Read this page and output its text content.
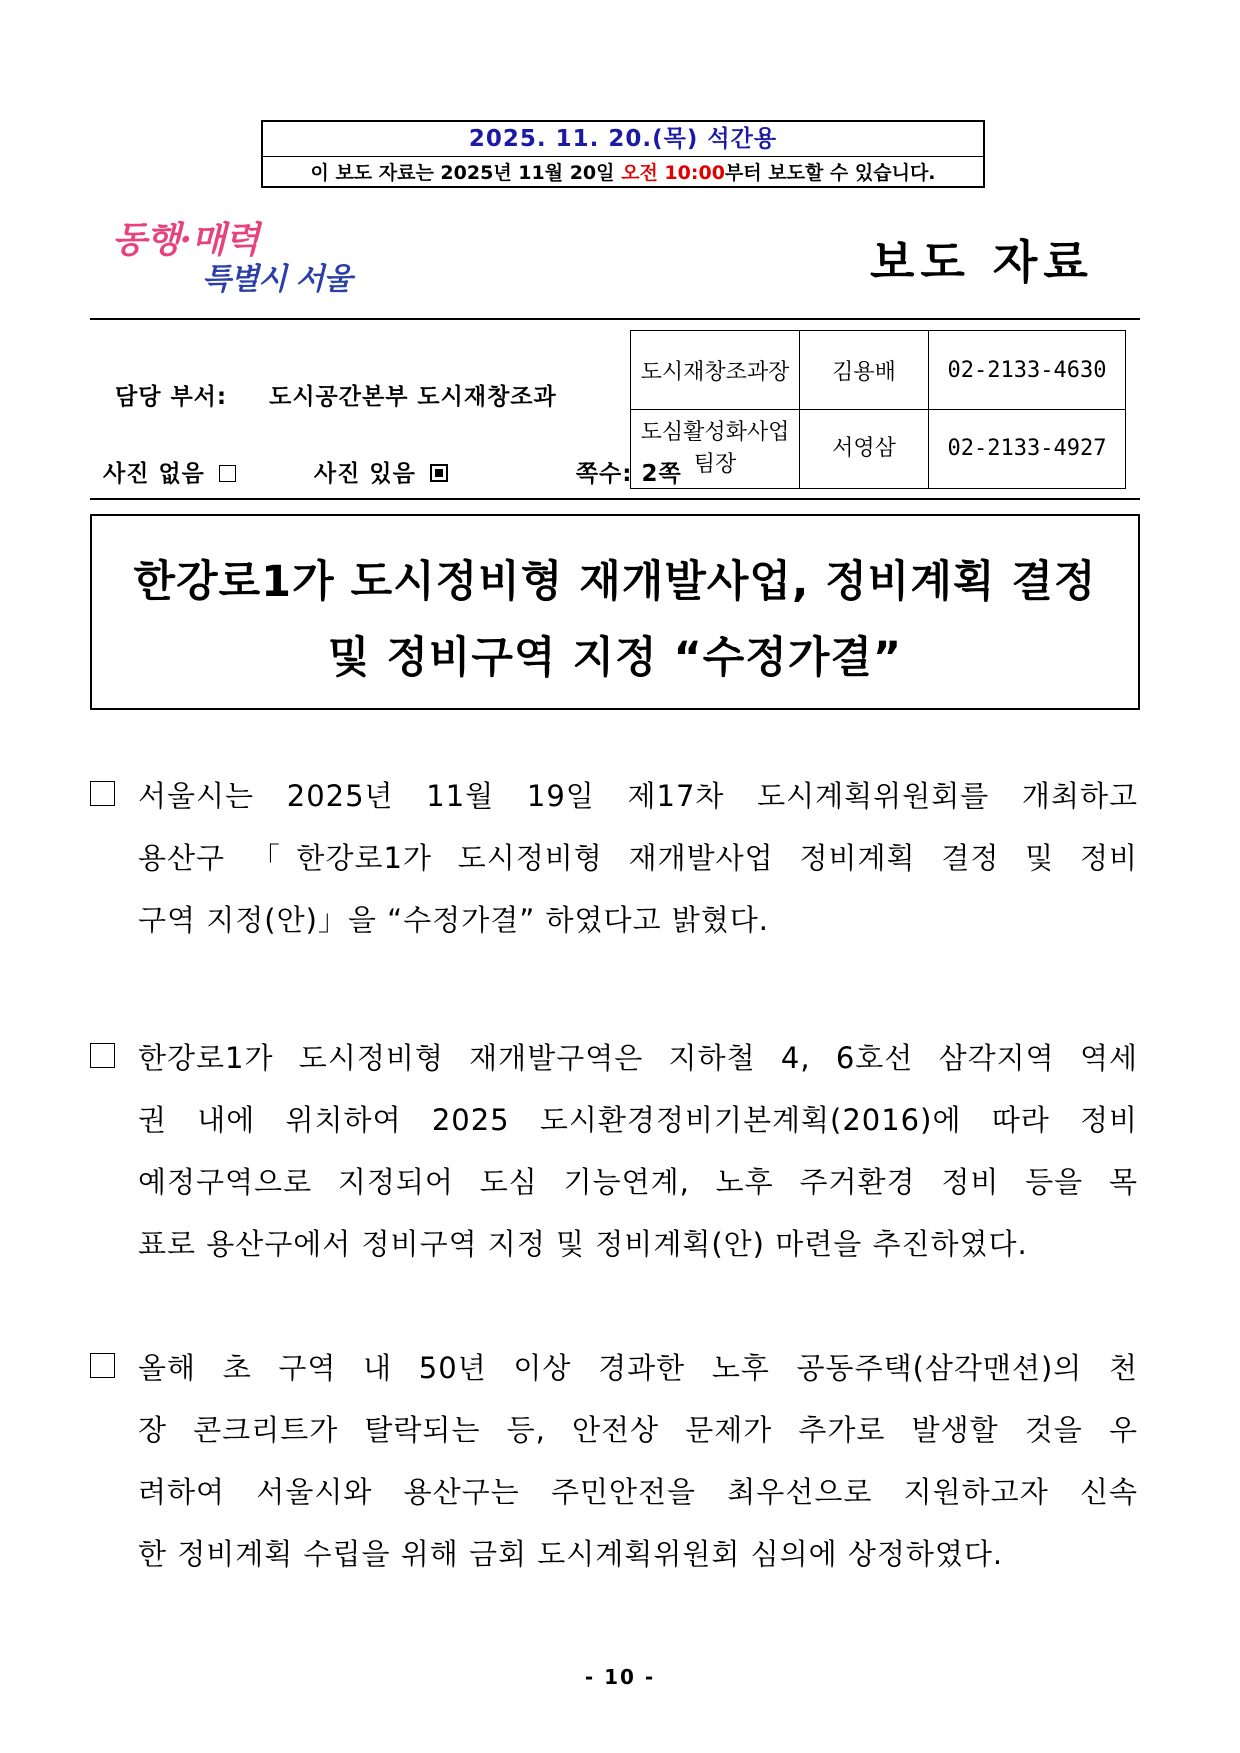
2025. 11. 20.(목) 석간용
이 보도 자료는 2025년 11월 20일 오전 10:00부터 보도할 수 있습니다.
동행·매력
특별시 서울	보도 자료
담당 부서: 도시공간본부 도시재창조과
사진 없음	사진 있음	쪽수: 2쪽
도시재창조과장	김용배	02-2133-4630

도심활성화사업
팀장	서영삼	02-2133-4927
한강로1가 도시정비형 재개발사업, 정비계획 결정
및 정비구역 지정 “수정가결”
서울시는 2025년 11월 19일 제17차 도시계획위원회를 개최하고
용산구 「한강로1가 도시정비형 재개발사업 정비계획 결정 및 정비
구역 지정(안)」을 “수정가결” 하였다고 밝혔다.
한강로1가 도시정비형 재개발구역은 지하철 4, 6호선 삼각지역 역세
권 내에 위치하여 2025 도시환경정비기본계획(2016)에 따라 정비
예정구역으로 지정되어 도심 기능연계, 노후 주거환경 정비 등을 목
표로 용산구에서 정비구역 지정 및 정비계획(안) 마련을 추진하였다.
올해 초 구역 내 50년 이상 경과한 노후 공동주택(삼각맨션)의 천
장 콘크리트가 탈락되는 등, 안전상 문제가 추가로 발생할 것을 우
려하여 서울시와 용산구는 주민안전을 최우선으로 지원하고자 신속
한 정비계획 수립을 위해 금회 도시계획위원회 심의에 상정하였다.
- 10 -
